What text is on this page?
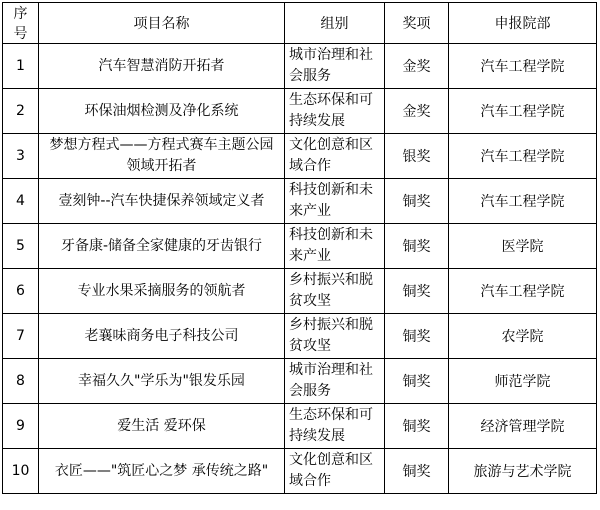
序号	项目名称	组别	奖项	申报院部
1	汽车智慧消防开拓者	城市治理和社会服务	金奖	汽车工程学院
2	环保油烟检测及净化系统	生态环保和可持续发展	金奖	汽车工程学院
3	梦想方程式——方程式赛车主题公园领域开拓者	文化创意和区域合作	银奖	汽车工程学院
4	壹刻钟--汽车快捷保养领域定义者	科技创新和未来产业	铜奖	汽车工程学院
5	牙备康-储备全家健康的牙齿银行	科技创新和未来产业	铜奖	医学院
6	专业水果采摘服务的领航者	乡村振兴和脱贫攻坚	铜奖	汽车工程学院
7	老襄味商务电子科技公司	乡村振兴和脱贫攻坚	铜奖	农学院
8	幸福久久"学乐为"银发乐园	城市治理和社会服务	铜奖	师范学院
9	爱生活 爱环保	生态环保和可持续发展	铜奖	经济管理学院
10	衣匠——"筑匠心之梦 承传统之路"	文化创意和区域合作	铜奖	旅游与艺术学院
